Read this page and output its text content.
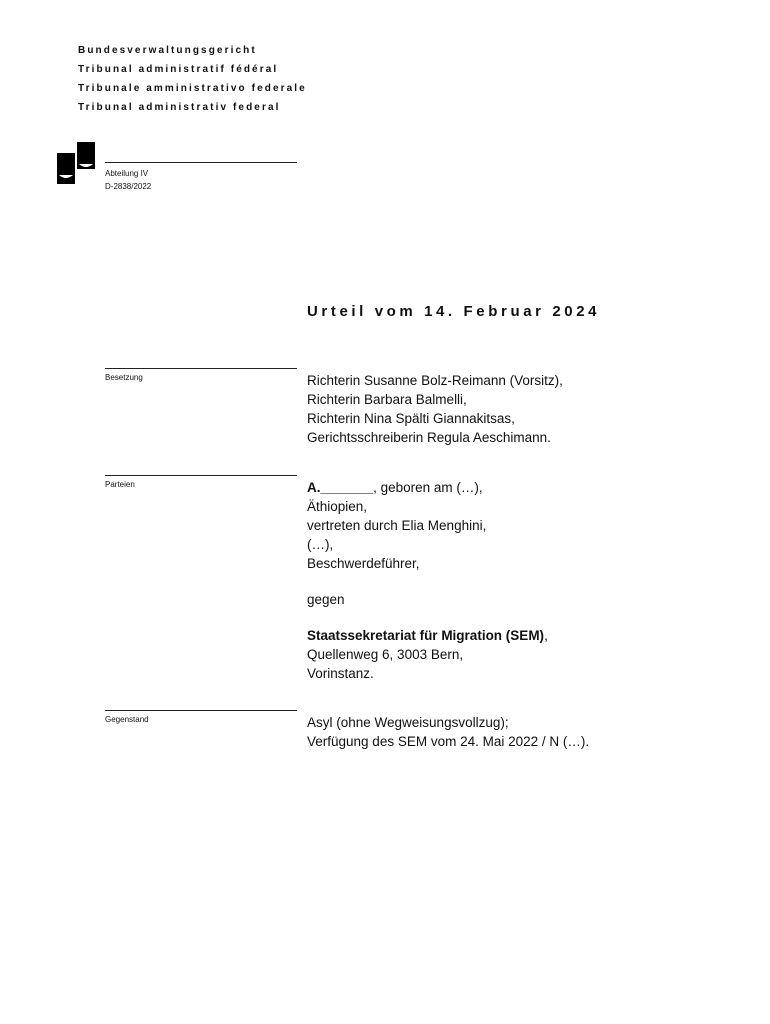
Bundesverwaltungsgericht
Tribunal administratif fédéral
Tribunale amministrativo federale
Tribunal administrativ federal
Abteilung IV
D-2838/2022
Urteil vom 14. Februar 2024
Besetzung	Richterin Susanne Bolz-Reimann (Vorsitz),

Richterin Barbara Balmelli,

Richterin Nina Spälti Giannakitsas,

Gerichtsschreiberin Regula Aeschimann.

Parteien	A._______, geboren am (…),

Äthiopien,

vertreten durch Elia Menghini,

(…),

Beschwerdeführer,

gegen

Staatssekretariat für Migration (SEM),

Quellenweg 6, 3003 Bern,

Vorinstanz.

Gegenstand	Asyl (ohne Wegweisungsvollzug);

Verfügung des SEM vom 24. Mai 2022 / N (…).
